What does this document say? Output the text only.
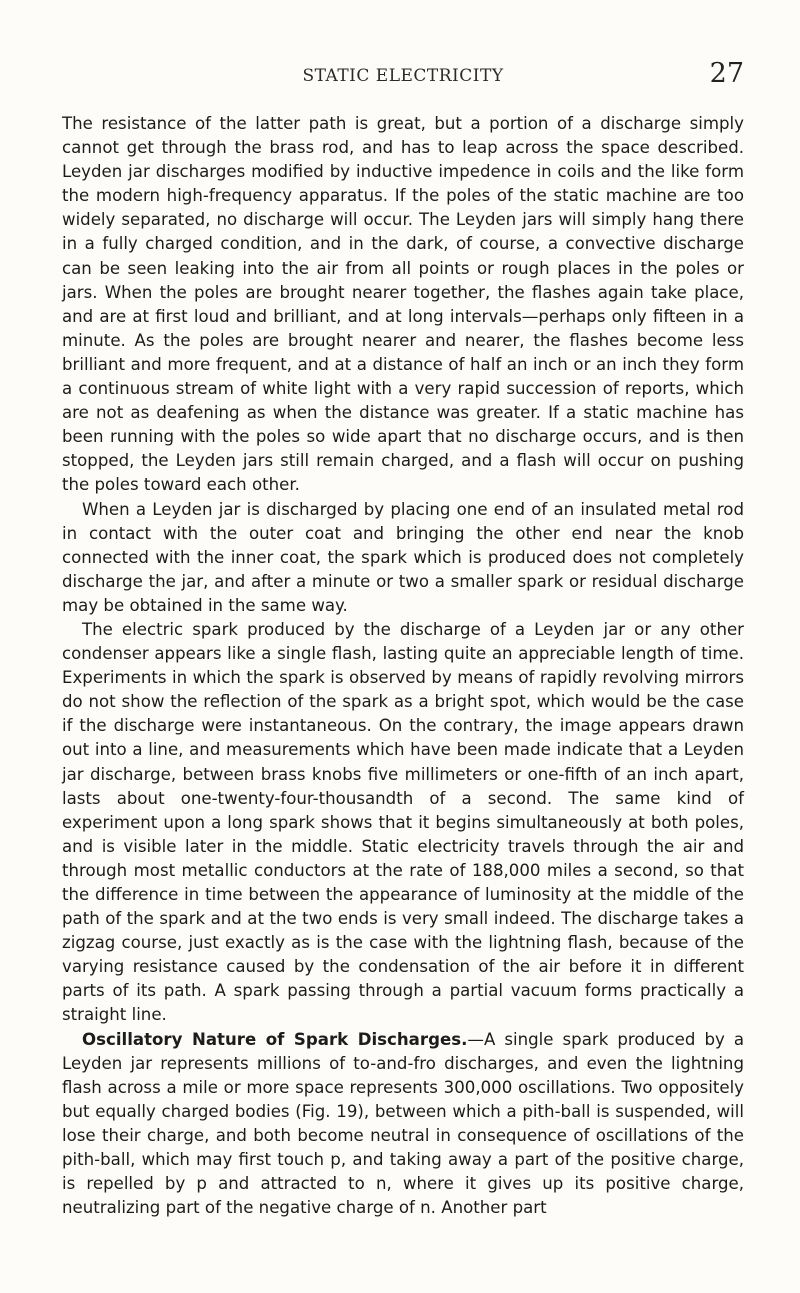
STATIC ELECTRICITY	27

The resistance of the latter path is great, but a portion of a discharge simply cannot get through the brass rod, and has to leap across the space described. Leyden jar discharges modified by inductive impedence in coils and the like form the modern high-frequency apparatus. If the poles of the static machine are too widely separated, no discharge will occur. The Leyden jars will simply hang there in a fully charged condition, and in the dark, of course, a convective discharge can be seen leaking into the air from all points or rough places in the poles or jars. When the poles are brought nearer together, the flashes again take place, and are at first loud and brilliant, and at long intervals—perhaps only fifteen in a minute. As the poles are brought nearer and nearer, the flashes become less brilliant and more frequent, and at a distance of half an inch or an inch they form a continuous stream of white light with a very rapid succession of reports, which are not as deafening as when the distance was greater. If a static machine has been running with the poles so wide apart that no discharge occurs, and is then stopped, the Leyden jars still remain charged, and a flash will occur on pushing the poles toward each other.

When a Leyden jar is discharged by placing one end of an insulated metal rod in contact with the outer coat and bringing the other end near the knob connected with the inner coat, the spark which is produced does not completely discharge the jar, and after a minute or two a smaller spark or residual discharge may be obtained in the same way.

The electric spark produced by the discharge of a Leyden jar or any other condenser appears like a single flash, lasting quite an appreciable length of time. Experiments in which the spark is observed by means of rapidly revolving mirrors do not show the reflection of the spark as a bright spot, which would be the case if the discharge were instantaneous. On the contrary, the image appears drawn out into a line, and measurements which have been made indicate that a Leyden jar discharge, between brass knobs five millimeters or one-fifth of an inch apart, lasts about one-twenty-four-thousandth of a second. The same kind of experiment upon a long spark shows that it begins simultaneously at both poles, and is visible later in the middle. Static electricity travels through the air and through most metallic conductors at the rate of 188,000 miles a second, so that the difference in time between the appearance of luminosity at the middle of the path of the spark and at the two ends is very small indeed. The discharge takes a zigzag course, just exactly as is the case with the lightning flash, because of the varying resistance caused by the condensation of the air before it in different parts of its path. A spark passing through a partial vacuum forms practically a straight line.

Oscillatory Nature of Spark Discharges.—A single spark produced by a Leyden jar represents millions of to-and-fro discharges, and even the lightning flash across a mile or more space represents 300,000 oscillations. Two oppositely but equally charged bodies (Fig. 19), between which a pith-ball is suspended, will lose their charge, and both become neutral in consequence of oscillations of the pith-ball, which may first touch p, and taking away a part of the positive charge, is repelled by p and attracted to n, where it gives up its positive charge, neutralizing part of the negative charge of n. Another part
